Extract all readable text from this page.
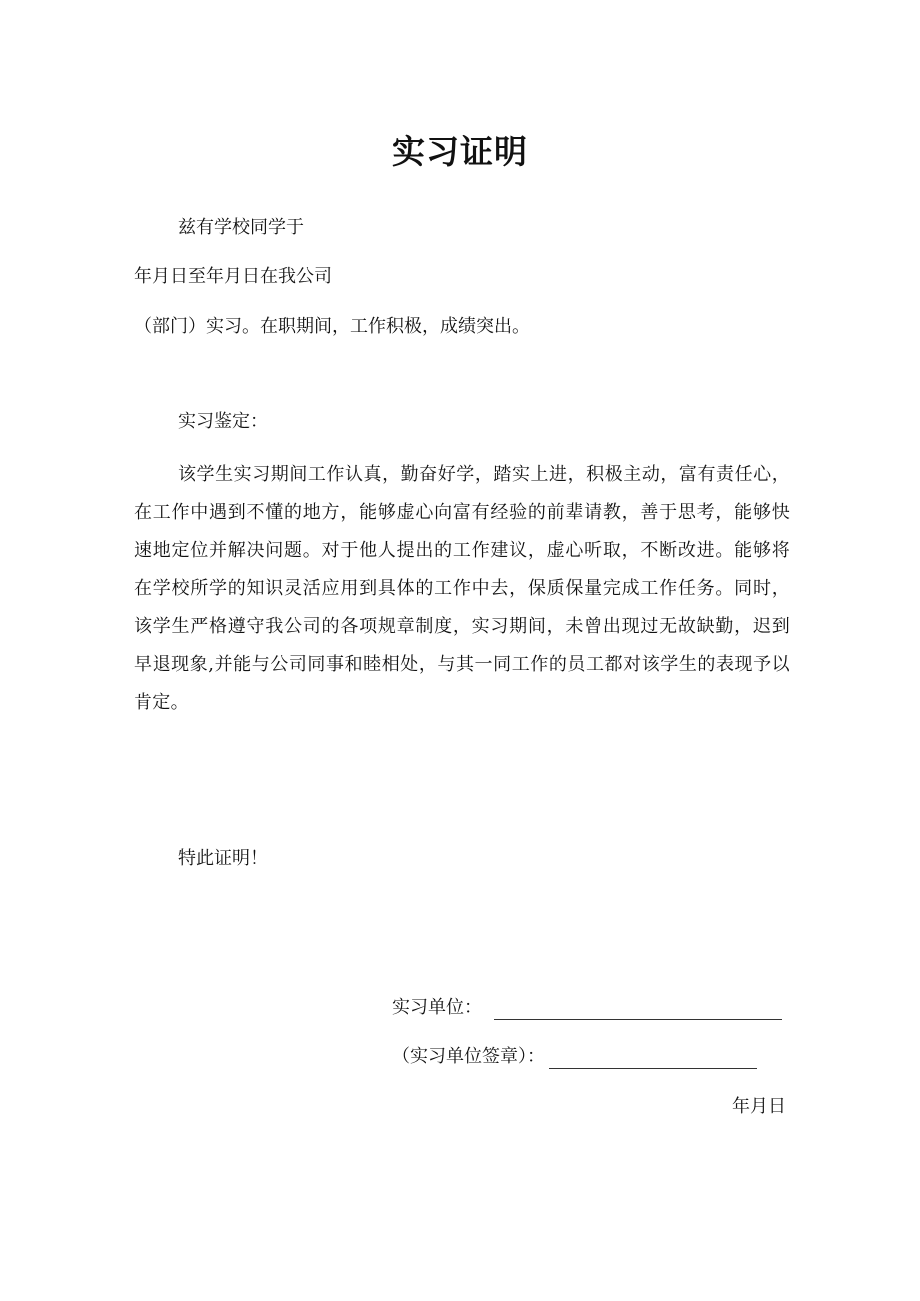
实习证明

兹有学校同学于

年月日至年月日在我公司

（部门）实习。在职期间，工作积极，成绩突出。

实习鉴定：

该学生实习期间工作认真，勤奋好学，踏实上进，积极主动，富有责任心，在工作中遇到不懂的地方，能够虚心向富有经验的前辈请教，善于思考，能够快速地定位并解决问题。对于他人提出的工作建议，虚心听取，不断改进。能够将在学校所学的知识灵活应用到具体的工作中去，保质保量完成工作任务。同时，该学生严格遵守我公司的各项规章制度，实习期间，未曾出现过无故缺勤，迟到早退现象,并能与公司同事和睦相处，与其一同工作的员工都对该学生的表现予以肯定。

特此证明！

实习单位：
（实习单位签章）：

年月日
